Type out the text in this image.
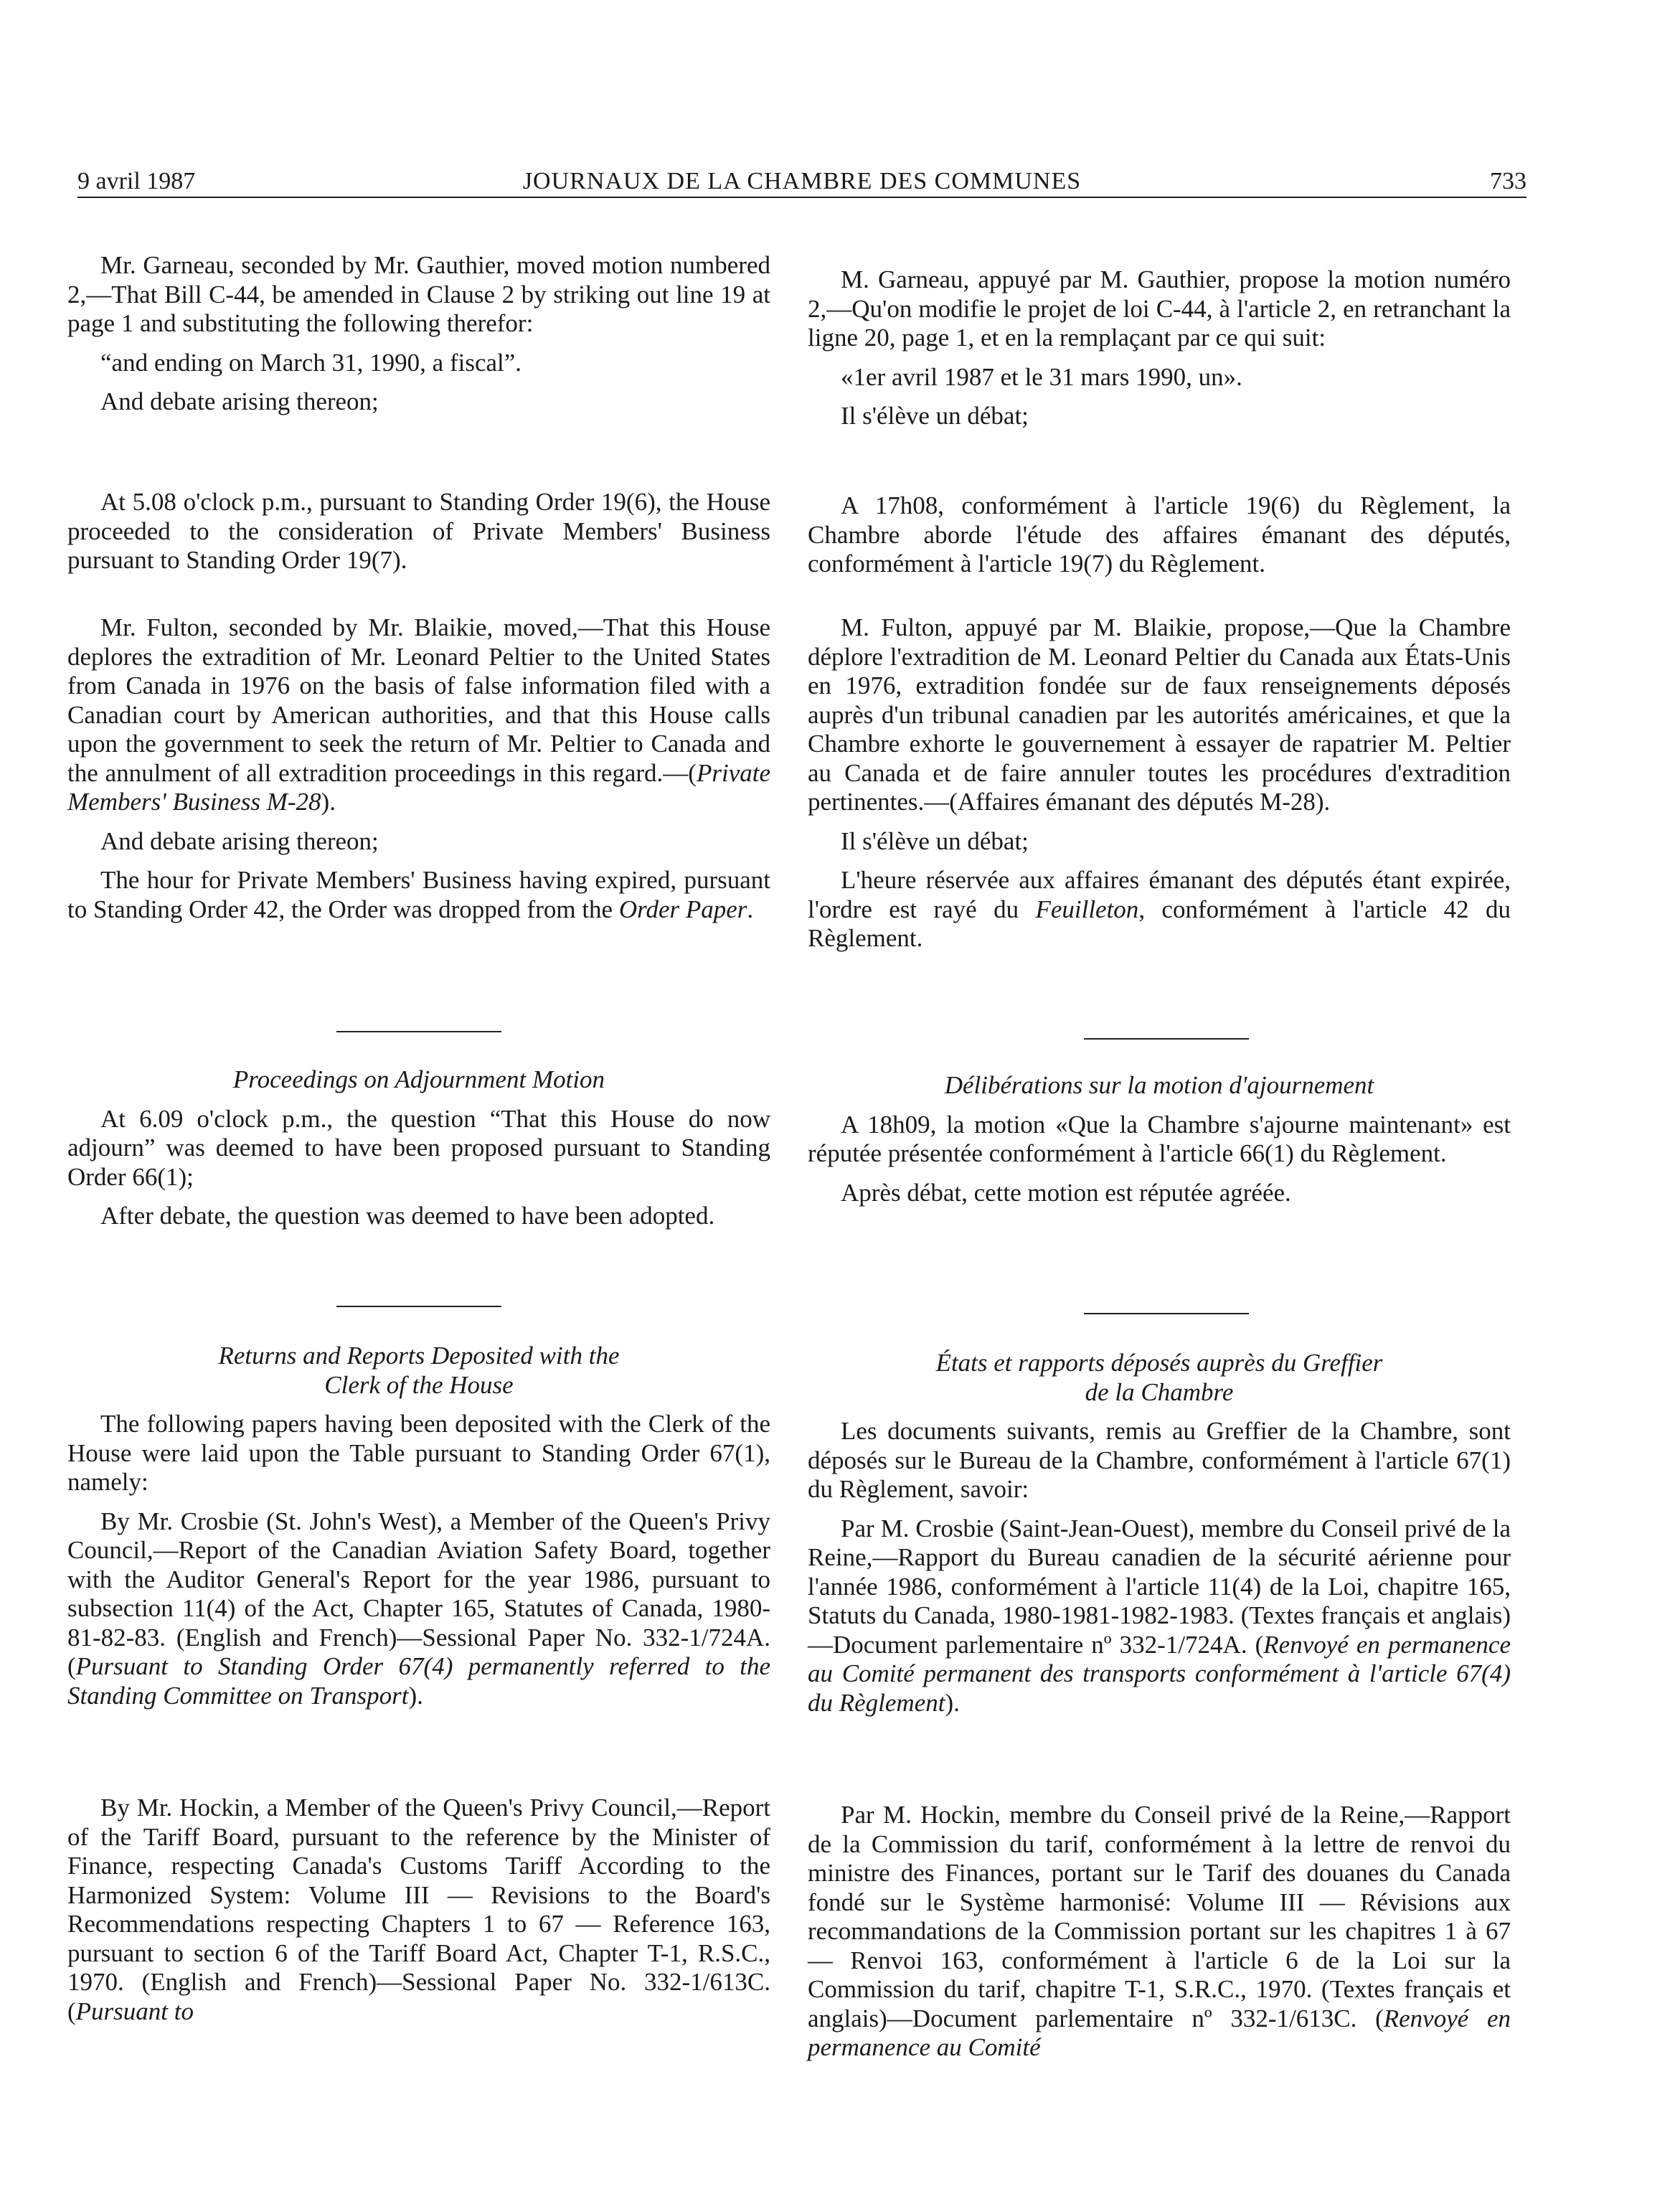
9 avril 1987	JOURNAUX DE LA CHAMBRE DES COMMUNES	733

Mr. Garneau, seconded by Mr. Gauthier, moved motion numbered 2,—That Bill C-44, be amended in Clause 2 by striking out line 19 at page 1 and substituting the following therefor:

“and ending on March 31, 1990, a fiscal”.

And debate arising thereon;

At 5.08 o'clock p.m., pursuant to Standing Order 19(6), the House proceeded to the consideration of Private Members' Business pursuant to Standing Order 19(7).

Mr. Fulton, seconded by Mr. Blaikie, moved,—That this House deplores the extradition of Mr. Leonard Peltier to the United States from Canada in 1976 on the basis of false information filed with a Canadian court by American authorities, and that this House calls upon the government to seek the return of Mr. Peltier to Canada and the annulment of all extradition proceedings in this regard.—(Private Members' Business M-28).

And debate arising thereon;

The hour for Private Members' Business having expired, pursuant to Standing Order 42, the Order was dropped from the Order Paper.

Proceedings on Adjournment Motion

At 6.09 o'clock p.m., the question “That this House do now adjourn” was deemed to have been proposed pursuant to Standing Order 66(1);

After debate, the question was deemed to have been adopted.

Returns and Reports Deposited with the
Clerk of the House

The following papers having been deposited with the Clerk of the House were laid upon the Table pursuant to Standing Order 67(1), namely:

By Mr. Crosbie (St. John's West), a Member of the Queen's Privy Council,—Report of the Canadian Aviation Safety Board, together with the Auditor General's Report for the year 1986, pursuant to subsection 11(4) of the Act, Chapter 165, Statutes of Canada, 1980-81-82-83. (English and French)—Sessional Paper No. 332-1/724A. (Pursuant to Standing Order 67(4) permanently referred to the Standing Committee on Transport).

By Mr. Hockin, a Member of the Queen's Privy Council,—Report of the Tariff Board, pursuant to the reference by the Minister of Finance, respecting Canada's Customs Tariff According to the Harmonized System: Volume III — Revisions to the Board's Recommendations respecting Chapters 1 to 67 — Reference 163, pursuant to section 6 of the Tariff Board Act, Chapter T-1, R.S.C., 1970. (English and French)—Sessional Paper No. 332-1/613C. (Pursuant to

M. Garneau, appuyé par M. Gauthier, propose la motion numéro 2,—Qu'on modifie le projet de loi C-44, à l'article 2, en retranchant la ligne 20, page 1, et en la remplaçant par ce qui suit:

«1er avril 1987 et le 31 mars 1990, un».

Il s'élève un débat;

A 17h08, conformément à l'article 19(6) du Règlement, la Chambre aborde l'étude des affaires émanant des députés, conformément à l'article 19(7) du Règlement.

M. Fulton, appuyé par M. Blaikie, propose,—Que la Chambre déplore l'extradition de M. Leonard Peltier du Canada aux États-Unis en 1976, extradition fondée sur de faux renseignements déposés auprès d'un tribunal canadien par les autorités américaines, et que la Chambre exhorte le gouvernement à essayer de rapatrier M. Peltier au Canada et de faire annuler toutes les procédures d'extradition pertinentes.—(Affaires émanant des députés M-28).

Il s'élève un débat;

L'heure réservée aux affaires émanant des députés étant expirée, l'ordre est rayé du Feuilleton, conformément à l'article 42 du Règlement.

Délibérations sur la motion d'ajournement

A 18h09, la motion «Que la Chambre s'ajourne maintenant» est réputée présentée conformément à l'article 66(1) du Règlement.

Après débat, cette motion est réputée agréée.

États et rapports déposés auprès du Greffier
de la Chambre

Les documents suivants, remis au Greffier de la Chambre, sont déposés sur le Bureau de la Chambre, conformément à l'article 67(1) du Règlement, savoir:

Par M. Crosbie (Saint-Jean-Ouest), membre du Conseil privé de la Reine,—Rapport du Bureau canadien de la sécurité aérienne pour l'année 1986, conformément à l'article 11(4) de la Loi, chapitre 165, Statuts du Canada, 1980-1981-1982-1983. (Textes français et anglais)—Document parlementaire nº 332-1/724A. (Renvoyé en permanence au Comité permanent des transports conformément à l'article 67(4) du Règlement).

Par M. Hockin, membre du Conseil privé de la Reine,—Rapport de la Commission du tarif, conformément à la lettre de renvoi du ministre des Finances, portant sur le Tarif des douanes du Canada fondé sur le Système harmonisé: Volume III — Révisions aux recommandations de la Commission portant sur les chapitres 1 à 67 — Renvoi 163, conformément à l'article 6 de la Loi sur la Commission du tarif, chapitre T-1, S.R.C., 1970. (Textes français et anglais)—Document parlementaire nº 332-1/613C. (Renvoyé en permanence au Comité
